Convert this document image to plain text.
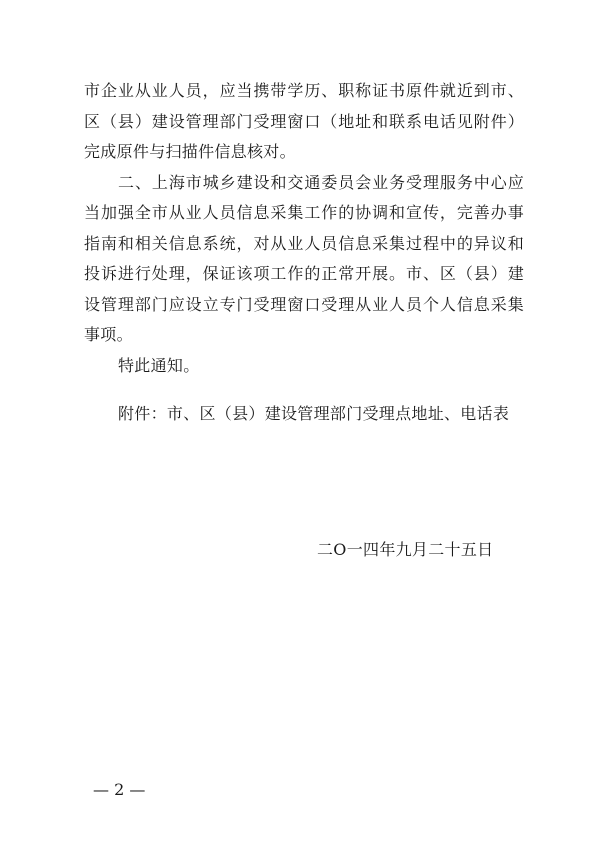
市企业从业人员，应当携带学历、职称证书原件就近到市、区（县）建设管理部门受理窗口（地址和联系电话见附件）完成原件与扫描件信息核对。

二、上海市城乡建设和交通委员会业务受理服务中心应当加强全市从业人员信息采集工作的协调和宣传，完善办事指南和相关信息系统，对从业人员信息采集过程中的异议和投诉进行处理，保证该项工作的正常开展。市、区（县）建设管理部门应设立专门受理窗口受理从业人员个人信息采集事项。

特此通知。

附件：市、区（县）建设管理部门受理点地址、电话表

二O一四年九月二十五日
— 2 —
